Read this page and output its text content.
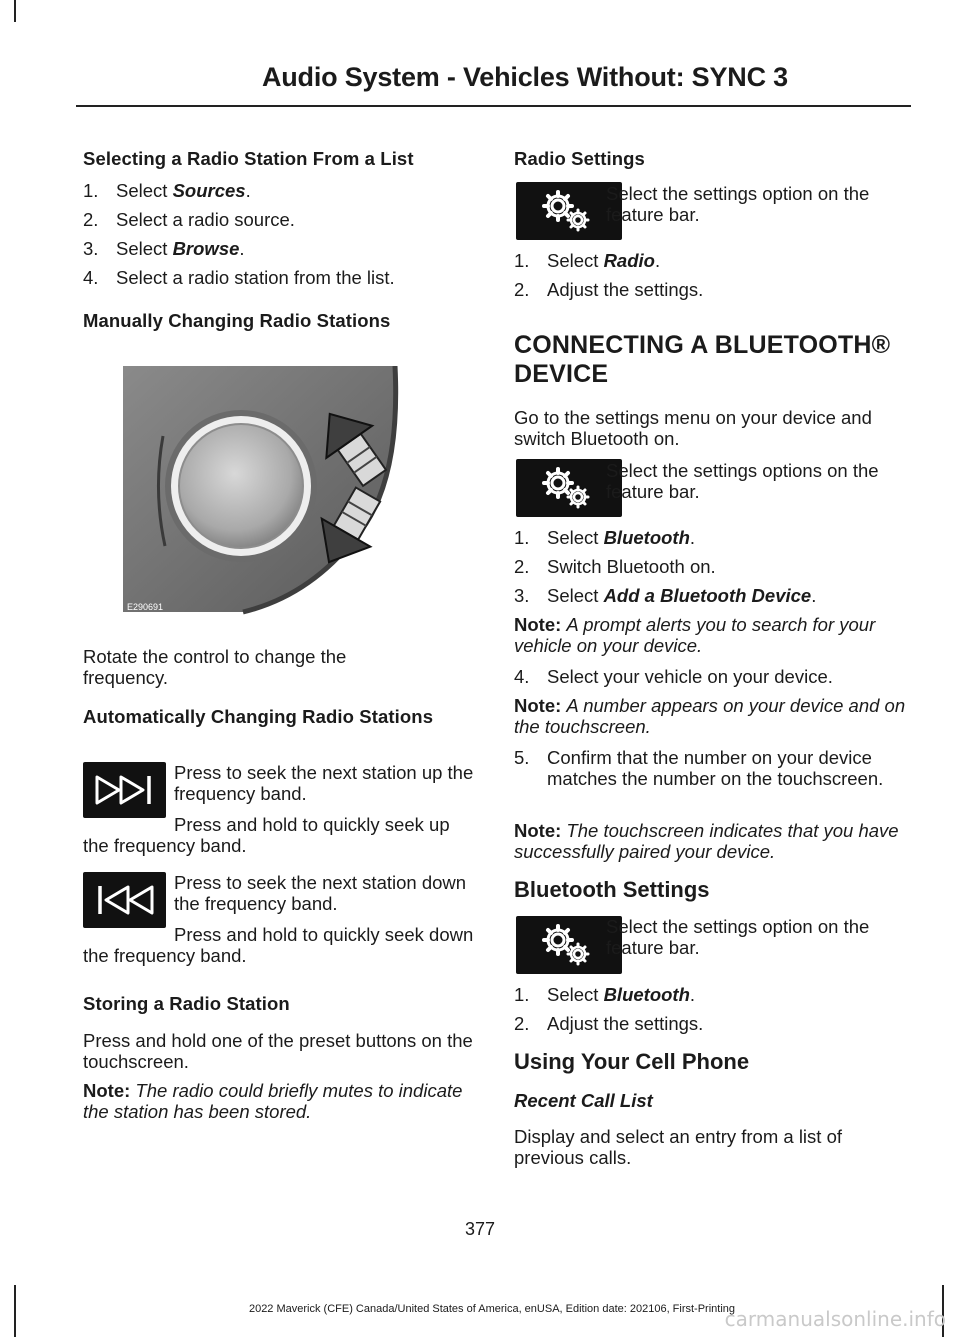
Audio System - Vehicles Without: SYNC 3
Selecting a Radio Station From a List
1. Select Sources.
2. Select a radio source.
3. Select Browse.
4. Select a radio station from the list.
Manually Changing Radio Stations
E290691
Rotate the control to change the frequency.
Automatically Changing Radio Stations
Press to seek the next station up the frequency band.
Press and hold to quickly seek up the frequency band.
Press to seek the next station down the frequency band.
Press and hold to quickly seek down the frequency band.
Storing a Radio Station
Press and hold one of the preset buttons on the touchscreen.
Note: The radio could briefly mutes to indicate the station has been stored.
Radio Settings
Select the settings option on the feature bar.
1. Select Radio.
2. Adjust the settings.
CONNECTING A BLUETOOTH®
DEVICE
Go to the settings menu on your device and switch Bluetooth on.
Select the settings options on the feature bar.
1. Select Bluetooth.
2. Switch Bluetooth on.
3. Select Add a Bluetooth Device.
Note: A prompt alerts you to search for your vehicle on your device.
4. Select your vehicle on your device.
Note: A number appears on your device and on the touchscreen.
5. Confirm that the number on your device matches the number on the touchscreen.
Note: The touchscreen indicates that you have successfully paired your device.
Bluetooth Settings
Select the settings option on the feature bar.
1. Select Bluetooth.
2. Adjust the settings.
Using Your Cell Phone
Recent Call List
Display and select an entry from a list of previous calls.
377
2022 Maverick (CFE) Canada/United States of America, enUSA, Edition date: 202106, First-Printing
carmanualsonline.info
